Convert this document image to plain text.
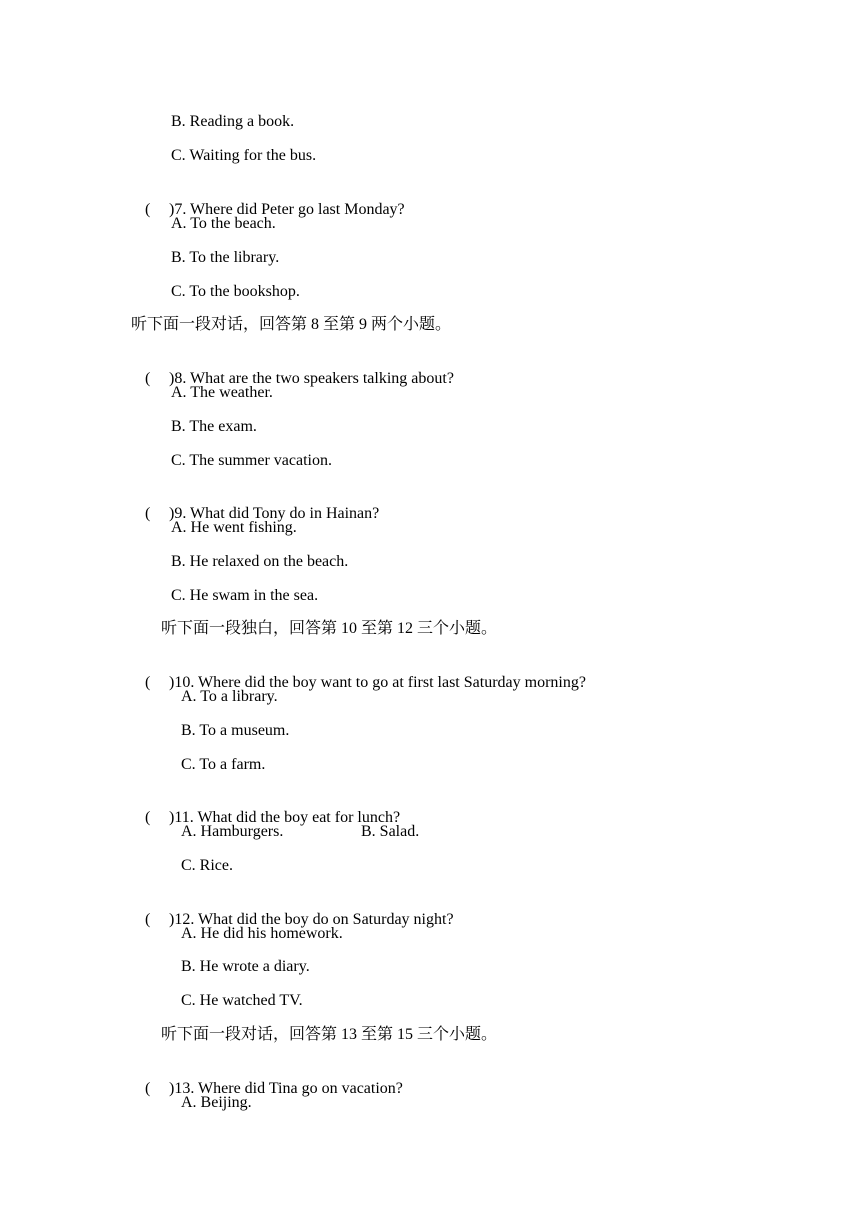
B. Reading a book.
C. Waiting for the bus.

( )7. Where did Peter go last Monday?

A. To the beach.
B. To the library.
C. To the bookshop.
听下面一段对话，回答第 8 至第 9 两个小题。

( )8. What are the two speakers talking about?

A. The weather.
B. The exam.
C. The summer vacation.

( )9. What did Tony do in Hainan?

A. He went fishing.
B. He relaxed on the beach.
C. He swam in the sea.
听下面一段独白，回答第 10 至第 12 三个小题。

( )10. Where did the boy want to go at first last Saturday morning?

A. To a library.
B. To a museum.
C. To a farm.

( )11. What did the boy eat for lunch?

A. Hamburgers.	B. Salad.
C. Rice.

( )12. What did the boy do on Saturday night?

A. He did his homework.
B. He wrote a diary.
C. He watched TV.
听下面一段对话，回答第 13 至第 15 三个小题。

( )13. Where did Tina go on vacation?

A. Beijing.
